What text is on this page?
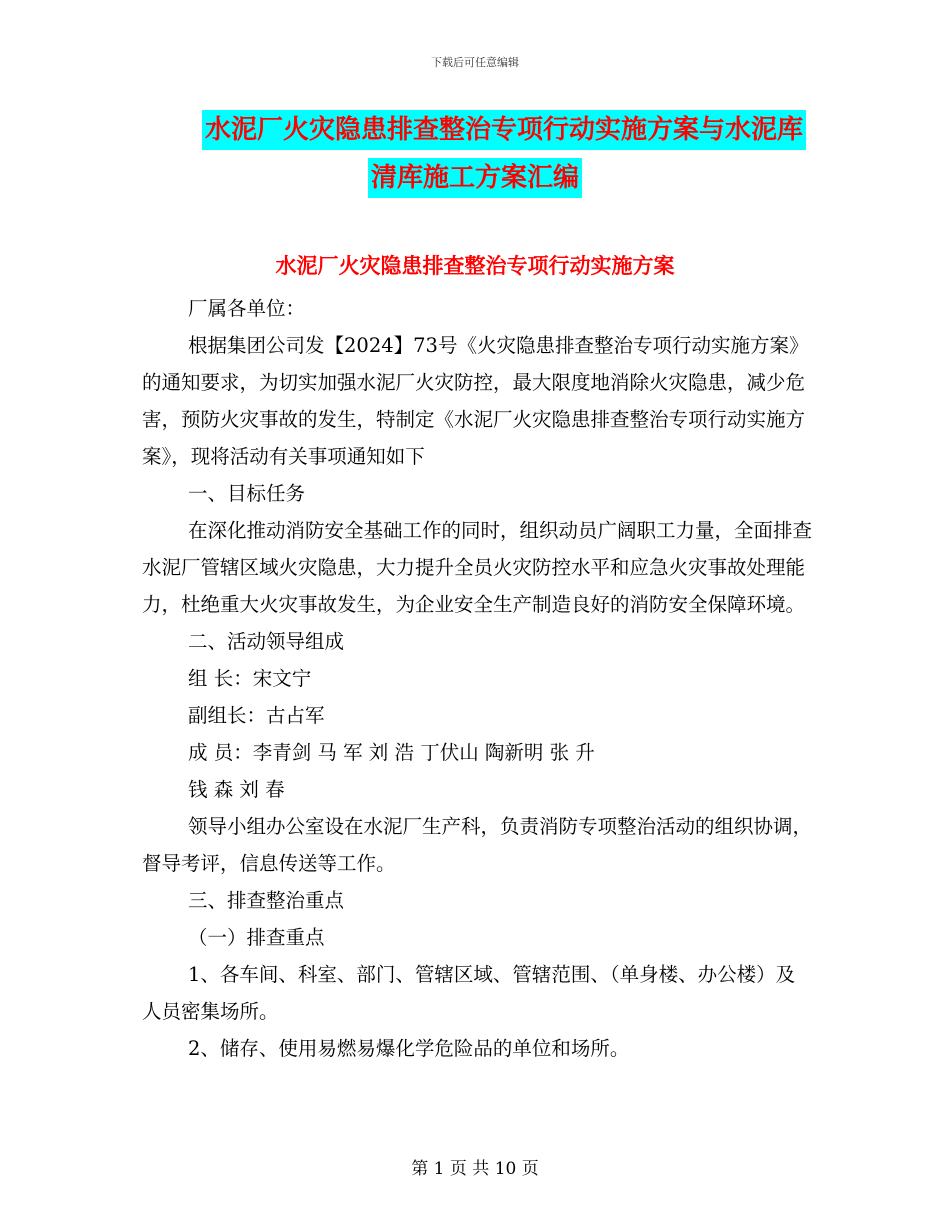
下载后可任意编辑
水泥厂火灾隐患排查整治专项行动实施方案与水泥库
清库施工方案汇编
水泥厂火灾隐患排查整治专项行动实施方案

厂属各单位：

根据集团公司发【2024】73号《火灾隐患排查整治专项行动实施方案》的通知要求，为切实加强水泥厂火灾防控，最大限度地消除火灾隐患，减少危害，预防火灾事故的发生，特制定《水泥厂火灾隐患排查整治专项行动实施方案》，现将活动有关事项通知如下

一、目标任务

在深化推动消防安全基础工作的同时，组织动员广阔职工力量，全面排查水泥厂管辖区域火灾隐患，大力提升全员火灾防控水平和应急火灾事故处理能力，杜绝重大火灾事故发生，为企业安全生产制造良好的消防安全保障环境。

二、活动领导组成

组 长：宋文宁

副组长：古占军

成 员：李青剑 马 军 刘 浩 丁伏山 陶新明 张 升

钱 森 刘 春

领导小组办公室设在水泥厂生产科，负责消防专项整治活动的组织协调，督导考评，信息传送等工作。

三、排查整治重点

（一）排查重点

1、各车间、科室、部门、管辖区域、管辖范围、（单身楼、办公楼）及人员密集场所。

2、储存、使用易燃易爆化学危险品的单位和场所。

第 1 页 共 10 页
